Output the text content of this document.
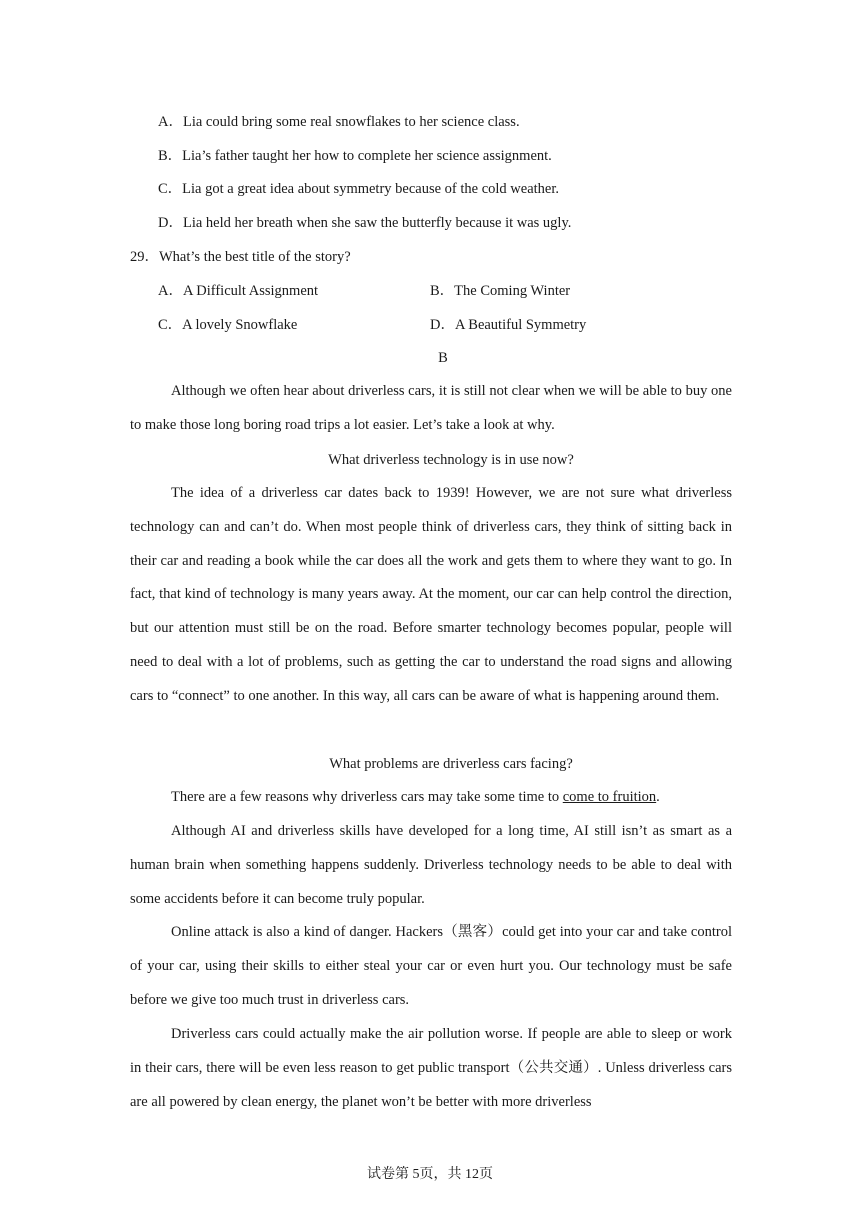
A．Lia could bring some real snowflakes to her science class.
B．Lia’s father taught her how to complete her science assignment.
C．Lia got a great idea about symmetry because of the cold weather.
D．Lia held her breath when she saw the butterfly because it was ugly.
29．What’s the best title of the story?
A．A Difficult Assignment	B．The Coming Winter
C．A lovely Snowflake	D．A Beautiful Symmetry
B

Although we often hear about driverless cars, it is still not clear when we will be able to buy one to make those long boring road trips a lot easier. Let’s take a look at why.

What driverless technology is in use now?

The idea of a driverless car dates back to 1939! However, we are not sure what driverless technology can and can’t do. When most people think of driverless cars, they think of sitting back in their car and reading a book while the car does all the work and gets them to where they want to go. In fact, that kind of technology is many years away. At the moment, our car can help control the direction, but our attention must still be on the road. Before smarter technology becomes popular, people will need to deal with a lot of problems, such as getting the car to understand the road signs and allowing cars to “connect” to one another. In this way, all cars can be aware of what is happening around them.

What problems are driverless cars facing?

There are a few reasons why driverless cars may take some time to come to fruition.

Although AI and driverless skills have developed for a long time, AI still isn’t as smart as a human brain when something happens suddenly. Driverless technology needs to be able to deal with some accidents before it can become truly popular.

Online attack is also a kind of danger. Hackers（黑客）could get into your car and take control of your car, using their skills to either steal your car or even hurt you. Our technology must be safe before we give too much trust in driverless cars.

Driverless cars could actually make the air pollution worse. If people are able to sleep or work in their cars, there will be even less reason to get public transport（公共交通）. Unless driverless cars are all powered by clean energy, the planet won’t be better with more driverless

试卷第 5页，共 12页
